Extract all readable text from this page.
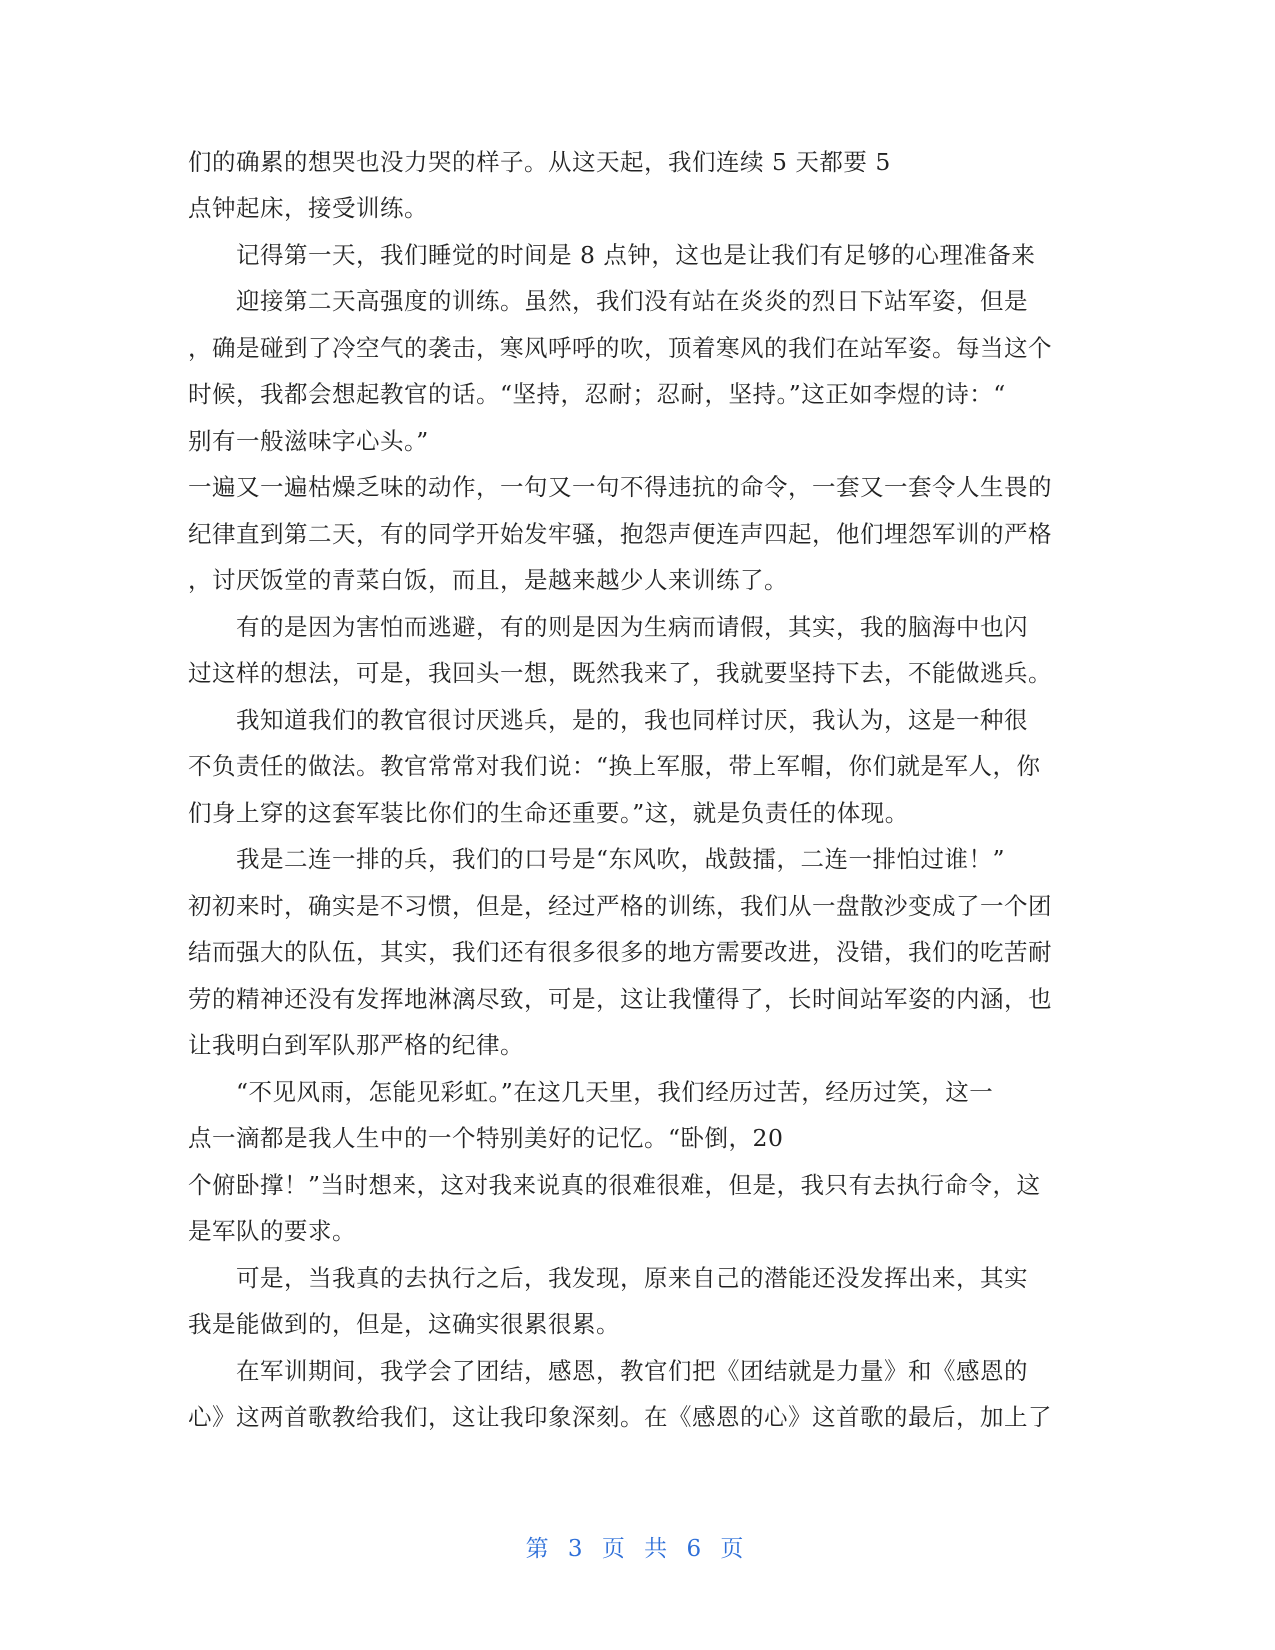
们的确累的想哭也没力哭的样子。从这天起，我们连续 5 天都要 5
点钟起床，接受训练。
　　记得第一天，我们睡觉的时间是 8 点钟，这也是让我们有足够的心理准备来
　　迎接第二天高强度的训练。虽然，我们没有站在炎炎的烈日下站军姿，但是
，确是碰到了冷空气的袭击，寒风呼呼的吹，顶着寒风的我们在站军姿。每当这个
时候，我都会想起教官的话。“坚持，忍耐；忍耐，坚持。”这正如李煜的诗：“
别有一般滋味字心头。”
一遍又一遍枯燥乏味的动作，一句又一句不得违抗的命令，一套又一套令人生畏的
纪律直到第二天，有的同学开始发牢骚，抱怨声便连声四起，他们埋怨军训的严格
，讨厌饭堂的青菜白饭，而且，是越来越少人来训练了。
　　有的是因为害怕而逃避，有的则是因为生病而请假，其实，我的脑海中也闪
过这样的想法，可是，我回头一想，既然我来了，我就要坚持下去，不能做逃兵。
　　我知道我们的教官很讨厌逃兵，是的，我也同样讨厌，我认为，这是一种很
不负责任的做法。教官常常对我们说：“换上军服，带上军帽，你们就是军人，你
们身上穿的这套军装比你们的生命还重要。”这，就是负责任的体现。
　　我是二连一排的兵，我们的口号是“东风吹，战鼓擂，二连一排怕过谁！”
初初来时，确实是不习惯，但是，经过严格的训练，我们从一盘散沙变成了一个团
结而强大的队伍，其实，我们还有很多很多的地方需要改进，没错，我们的吃苦耐
劳的精神还没有发挥地淋漓尽致，可是，这让我懂得了，长时间站军姿的内涵，也
让我明白到军队那严格的纪律。
　　“不见风雨，怎能见彩虹。”在这几天里，我们经历过苦，经历过笑，这一
点一滴都是我人生中的一个特别美好的记忆。“卧倒，20
个俯卧撑！”当时想来，这对我来说真的很难很难，但是，我只有去执行命令，这
是军队的要求。
　　可是，当我真的去执行之后，我发现，原来自己的潜能还没发挥出来，其实
我是能做到的，但是，这确实很累很累。
　　在军训期间，我学会了团结，感恩，教官们把《团结就是力量》和《感恩的
心》这两首歌教给我们，这让我印象深刻。在《感恩的心》这首歌的最后，加上了
第 3 页 共 6 页
